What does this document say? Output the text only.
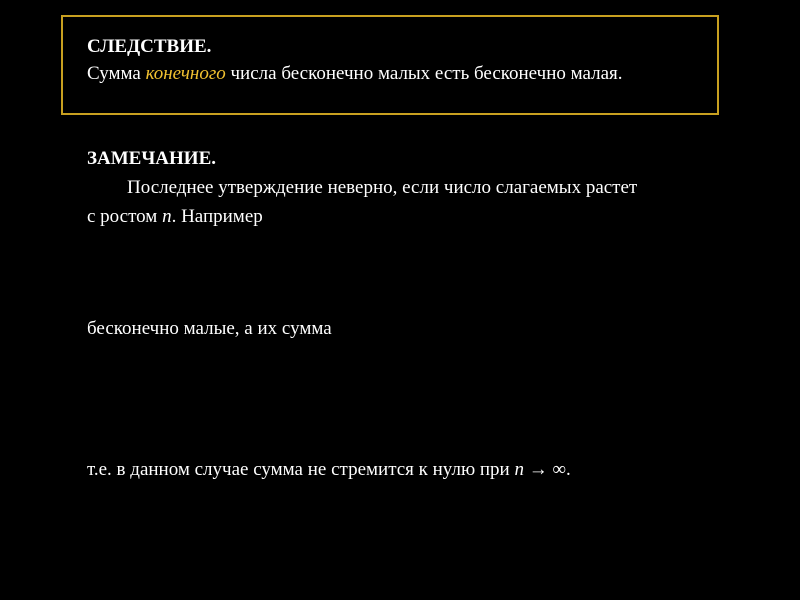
СЛЕДСТВИЕ.
Сумма конечного числа бесконечно малых есть бесконечно малая.
ЗАМЕЧАНИЕ.
Последнее утверждение неверно, если число слагаемых растет
с ростом n. Например
бесконечно малые, а их сумма
т.е. в данном случае сумма не стремится к нулю при n → ∞.
